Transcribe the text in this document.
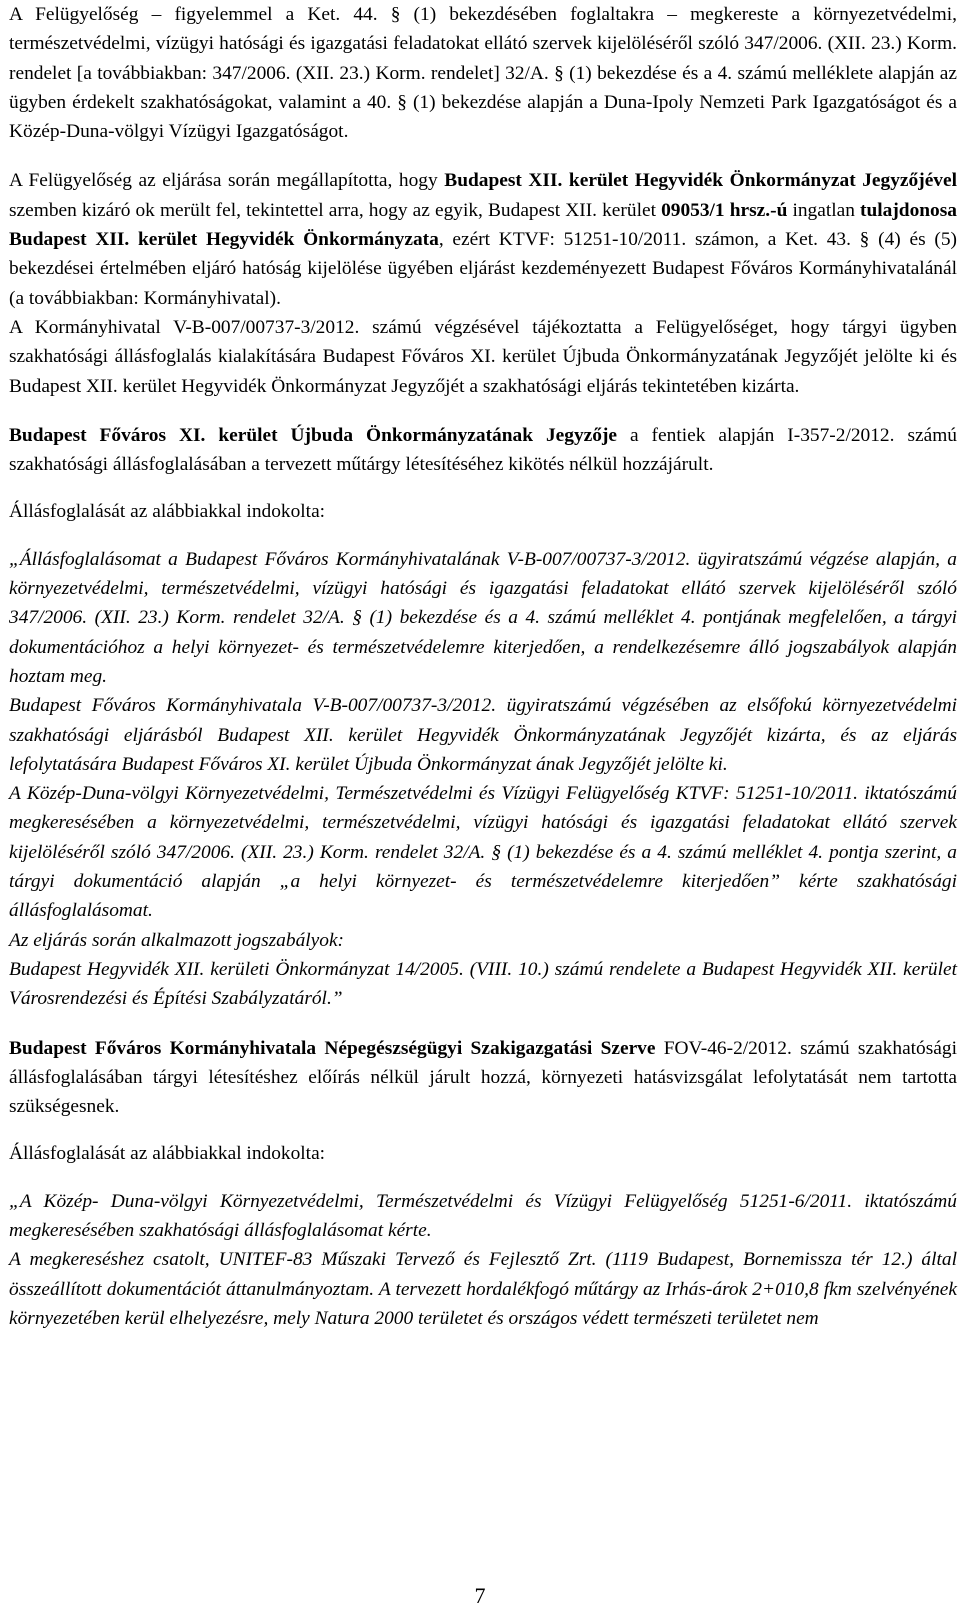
A Felügyelőség – figyelemmel a Ket. 44. § (1) bekezdésében foglaltakra – megkereste a környezetvédelmi, természetvédelmi, vízügyi hatósági és igazgatási feladatokat ellátó szervek kijelöléséről szóló 347/2006. (XII. 23.) Korm. rendelet [a továbbiakban: 347/2006. (XII. 23.) Korm. rendelet] 32/A. § (1) bekezdése és a 4. számú melléklete alapján az ügyben érdekelt szakhatóságokat, valamint a 40. § (1) bekezdése alapján a Duna-Ipoly Nemzeti Park Igazgatóságot és a Közép-Duna-völgyi Vízügyi Igazgatóságot.

A Felügyelőség az eljárása során megállapította, hogy Budapest XII. kerület Hegyvidék Önkormányzat Jegyzőjével szemben kizáró ok merült fel, tekintettel arra, hogy az egyik, Budapest XII. kerület 09053/1 hrsz.-ú ingatlan tulajdonosa Budapest XII. kerület Hegyvidék Önkormányzata, ezért KTVF: 51251-10/2011. számon, a Ket. 43. § (4) és (5) bekezdései értelmében eljáró hatóság kijelölése ügyében eljárást kezdeményezett Budapest Főváros Kormányhivatalánál (a továbbiakban: Kormányhivatal).

A Kormányhivatal V-B-007/00737-3/2012. számú végzésével tájékoztatta a Felügyelőséget, hogy tárgyi ügyben szakhatósági állásfoglalás kialakítására Budapest Főváros XI. kerület Újbuda Önkormányzatának Jegyzőjét jelölte ki és Budapest XII. kerület Hegyvidék Önkormányzat Jegyzőjét a szakhatósági eljárás tekintetében kizárta.

Budapest Főváros XI. kerület Újbuda Önkormányzatának Jegyzője a fentiek alapján I-357-2/2012. számú szakhatósági állásfoglalásában a tervezett műtárgy létesítéséhez kikötés nélkül hozzájárult.

Állásfoglalását az alábbiakkal indokolta:

„Állásfoglalásomat a Budapest Főváros Kormányhivatalának V-B-007/00737-3/2012. ügyiratszámú végzése alapján, a környezetvédelmi, természetvédelmi, vízügyi hatósági és igazgatási feladatokat ellátó szervek kijelöléséről szóló 347/2006. (XII. 23.) Korm. rendelet 32/A. § (1) bekezdése és a 4. számú melléklet 4. pontjának megfelelően, a tárgyi dokumentációhoz a helyi környezet- és természetvédelemre kiterjedően, a rendelkezésemre álló jogszabályok alapján hoztam meg.

Budapest Főváros Kormányhivatala V-B-007/00737-3/2012. ügyiratszámú végzésében az elsőfokú környezetvédelmi szakhatósági eljárásból Budapest XII. kerület Hegyvidék Önkormányzatának Jegyzőjét kizárta, és az eljárás lefolytatására Budapest Főváros XI. kerület Újbuda Önkormányzat ának Jegyzőjét jelölte ki.

A Közép-Duna-völgyi Környezetvédelmi, Természetvédelmi és Vízügyi Felügyelőség KTVF: 51251-10/2011. iktatószámú megkeresésében a környezetvédelmi, természetvédelmi, vízügyi hatósági és igazgatási feladatokat ellátó szervek kijelöléséről szóló 347/2006. (XII. 23.) Korm. rendelet 32/A. § (1) bekezdése és a 4. számú melléklet 4. pontja szerint, a tárgyi dokumentáció alapján „a helyi környezet- és természetvédelemre kiterjedően” kérte szakhatósági állásfoglalásomat.

Az eljárás során alkalmazott jogszabályok:

Budapest Hegyvidék XII. kerületi Önkormányzat 14/2005. (VIII. 10.) számú rendelete a Budapest Hegyvidék XII. kerület Városrendezési és Építési Szabályzatáról.”

Budapest Főváros Kormányhivatala Népegészségügyi Szakigazgatási Szerve FOV-46-2/2012. számú szakhatósági állásfoglalásában tárgyi létesítéshez előírás nélkül járult hozzá, környezeti hatásvizsgálat lefolytatását nem tartotta szükségesnek.

Állásfoglalását az alábbiakkal indokolta:

„A Közép- Duna-völgyi Környezetvédelmi, Természetvédelmi és Vízügyi Felügyelőség 51251-6/2011. iktatószámú megkeresésében szakhatósági állásfoglalásomat kérte.

A megkereséshez csatolt, UNITEF-83 Műszaki Tervező és Fejlesztő Zrt. (1119 Budapest, Bornemissza tér 12.) által összeállított dokumentációt áttanulmányoztam. A tervezett hordalékfogó műtárgy az Irhás-árok 2+010,8 fkm szelvényének környezetében kerül elhelyezésre, mely Natura 2000 területet és országos védett természeti területet nem

7
